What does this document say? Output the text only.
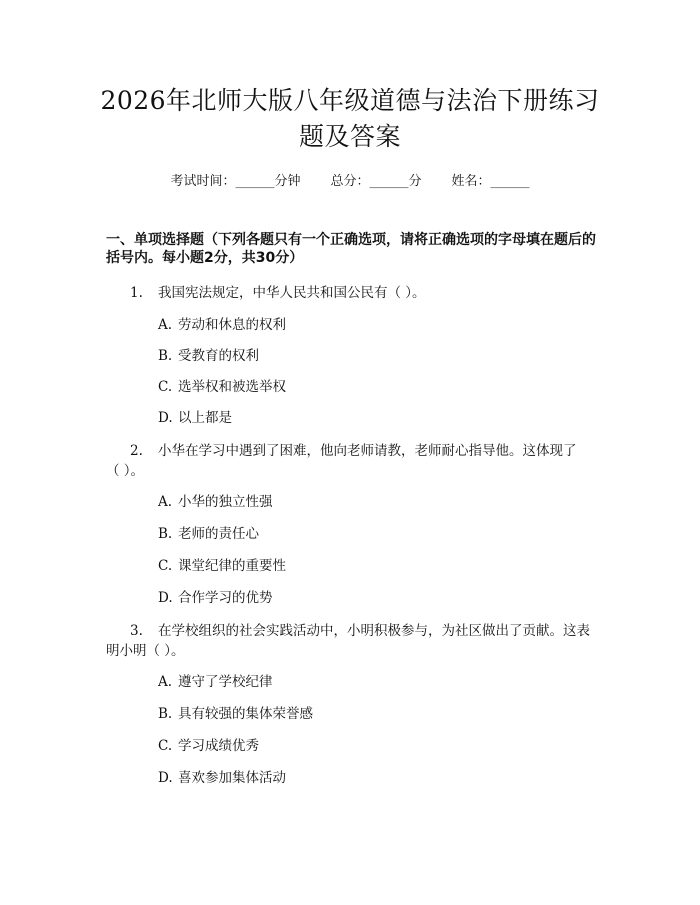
2026年北师大版八年级道德与法治下册练习
题及答案
考试时间：______分钟 总分：______分 姓名：______
一、单项选择题（下列各题只有一个正确选项，请将正确选项的字母填在题后的
括号内。每小题2分，共30分）
1. 我国宪法规定，中华人民共和国公民有（ ）。
A. 劳动和休息的权利
B. 受教育的权利
C. 选举权和被选举权
D. 以上都是
2. 小华在学习中遇到了困难，他向老师请教，老师耐心指导他。这体现了
（ ）。
A. 小华的独立性强
B. 老师的责任心
C. 课堂纪律的重要性
D. 合作学习的优势
3. 在学校组织的社会实践活动中，小明积极参与，为社区做出了贡献。这表
明小明（ ）。
A. 遵守了学校纪律
B. 具有较强的集体荣誉感
C. 学习成绩优秀
D. 喜欢参加集体活动
